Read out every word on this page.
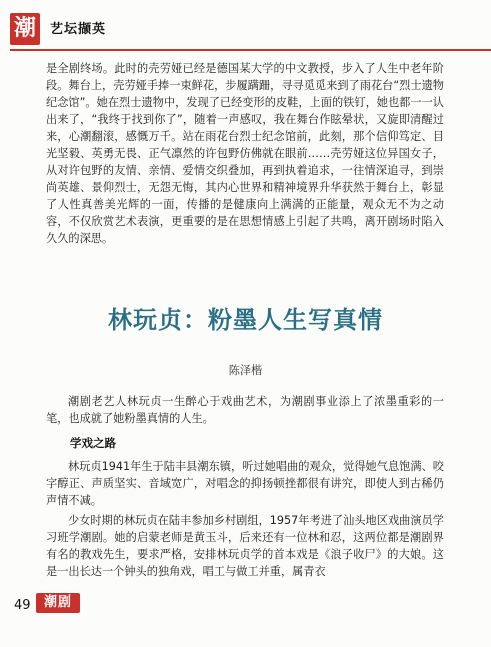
潮	艺坛撷英

是全剧终场。此时的壳劳娅已经是德国某大学的中文教授，步入了人生中老年阶段。舞台上，壳劳娅手捧一束鲜花，步履蹒跚，寻寻觅觅来到了雨花台“烈士遗物纪念馆”。她在烈士遗物中，发现了已经变形的皮鞋，上面的铁钉，她也都一一认出来了，“我终于找到你了”，随着一声感叹，我在舞台作眩晕状，又旋即清醒过来，心潮翻滚，感慨万千。站在雨花台烈士纪念馆前，此刻，那个信仰笃定、目光坚毅、英勇无畏、正气凛然的许包野仿佛就在眼前……壳劳娅这位异国女子，从对许包野的友情、亲情、爱情交织叠加，再到执着追求，一往情深追寻，到崇尚英雄、景仰烈士，无怨无悔，其内心世界和精神境界升华获然于舞台上，彰显了人性真善美光辉的一面，传播的是健康向上满满的正能量，观众无不为之动容，不仅欣赏艺术表演，更重要的是在思想情感上引起了共鸣，离开剧场时陷入久久的深思。

林玩贞：粉墨人生写真情

陈泽楷

潮剧老艺人林玩贞一生醉心于戏曲艺术，为潮剧事业添上了浓墨重彩的一笔，也成就了她粉墨真情的人生。

学戏之路

林玩贞1941年生于陆丰县潮东镇，听过她唱曲的观众，觉得她气息饱满、咬字醇正、声质坚实、音域宽广，对唱念的抑扬顿挫都很有讲究，即使人到古稀仍声情不减。

少女时期的林玩贞在陆丰参加乡村剧组，1957年考进了汕头地区戏曲演员学习班学潮剧。她的启蒙老师是黄玉斗，后来还有一位林和忍，这两位都是潮剧界有名的教戏先生，要求严格，安排林玩贞学的首本戏是《浪子收尸》的大娘。这是一出长达一个钟头的独角戏，唱工与做工并重，属青衣

49	潮剧
